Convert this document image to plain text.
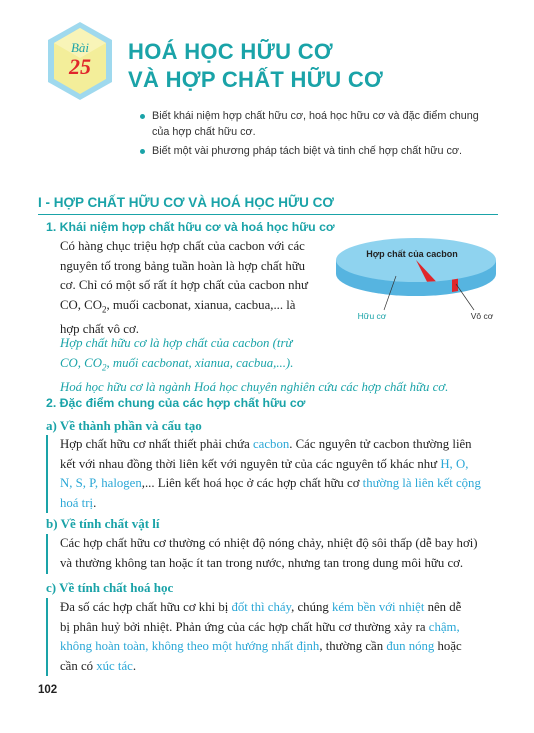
Bài
25
HOÁ HỌC HỮU CƠ
VÀ HỢP CHẤT HỮU CƠ
Biết khái niệm hợp chất hữu cơ, hoá học hữu cơ và đặc điểm chung
của hợp chất hữu cơ.
Biết một vài phương pháp tách biệt và tinh chế hợp chất hữu cơ.
I - HỢP CHẤT HỮU CƠ VÀ HOÁ HỌC HỮU CƠ
1. Khái niệm hợp chất hữu cơ và hoá học hữu cơ
Có hàng chục triệu hợp chất của cacbon với các
nguyên tố trong bảng tuần hoàn là hợp chất hữu
cơ. Chỉ có một số rất ít hợp chất của cacbon như
CO, $CO_2$, muối cacbonat, xianua, cacbua,... là
hợp chất vô cơ.
Hợp chất của cacbon
Hữu cơ	Vô cơ
Hợp chất hữu cơ là hợp chất của cacbon (trừ
CO, $CO_2$, muối cacbonat, xianua, cacbua,...).
Hoá học hữu cơ là ngành Hoá học chuyên nghiên cứu các hợp chất hữu cơ.
2. Đặc điểm chung của các hợp chất hữu cơ
a) Về thành phần và cấu tạo
Hợp chất hữu cơ nhất thiết phải chứa cacbon. Các nguyên tử cacbon thường liên
kết với nhau đồng thời liên kết với nguyên tử của các nguyên tố khác như H, O,
N, S, P, halogen,... Liên kết hoá học ở các hợp chất hữu cơ thường là liên kết cộng
hoá trị.
b) Về tính chất vật lí
Các hợp chất hữu cơ thường có nhiệt độ nóng chảy, nhiệt độ sôi thấp (dễ bay hơi)
và thường không tan hoặc ít tan trong nước, nhưng tan trong dung môi hữu cơ.
c) Về tính chất hoá học
Đa số các hợp chất hữu cơ khi bị đốt thì cháy, chúng kém bền với nhiệt nên dễ
bị phân huỷ bởi nhiệt. Phản ứng của các hợp chất hữu cơ thường xảy ra chậm,
không hoàn toàn, không theo một hướng nhất định, thường cần đun nóng hoặc
cần có xúc tác.
102
